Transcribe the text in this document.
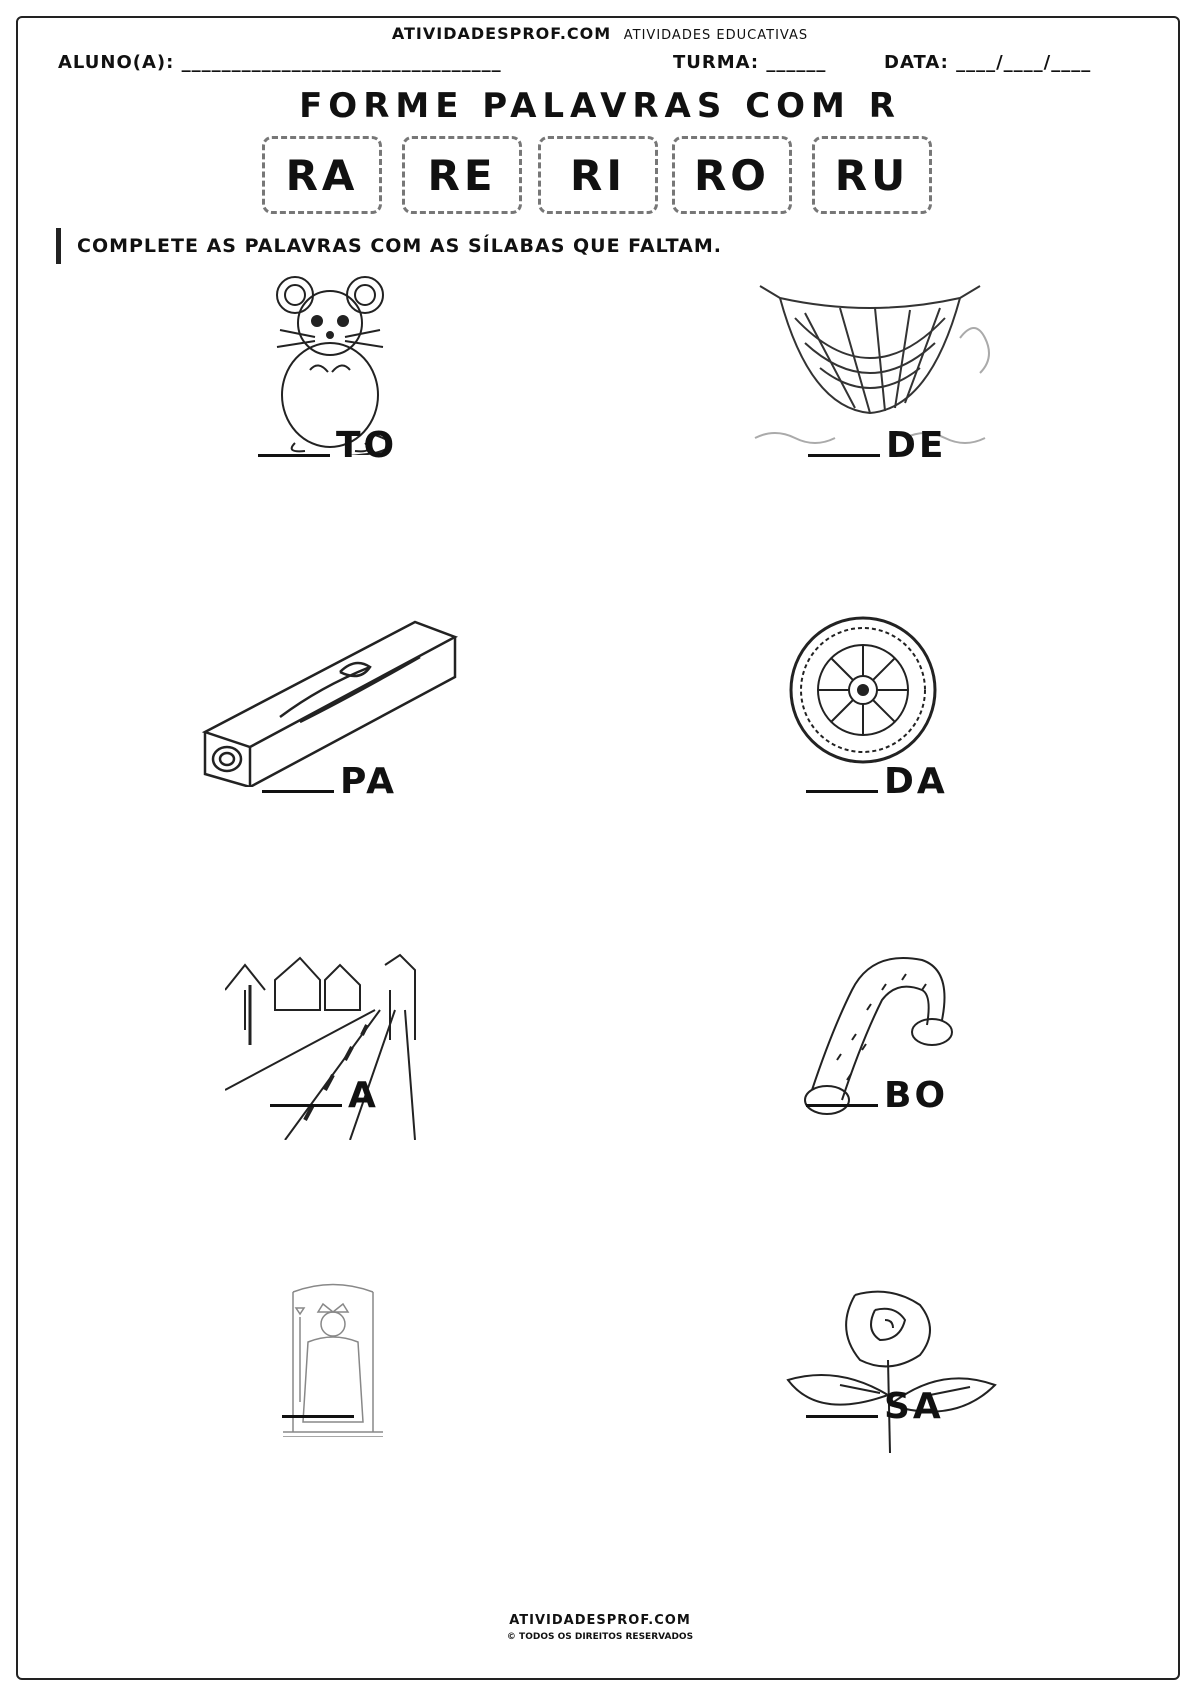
ATIVIDADESPROF.COM ATIVIDADES EDUCATIVAS
ALUNO(A): ________________________________	TURMA: ______	DATA: ____/____/____
FORME PALAVRAS COM R
RA	RE	RI	RO	RU
COMPLETE AS PALAVRAS COM AS SÍLABAS QUE FALTAM.
TO	DE
PA	DA
A	BO
SA
ATIVIDADESPROF.COM
© TODOS OS DIREITOS RESERVADOS
